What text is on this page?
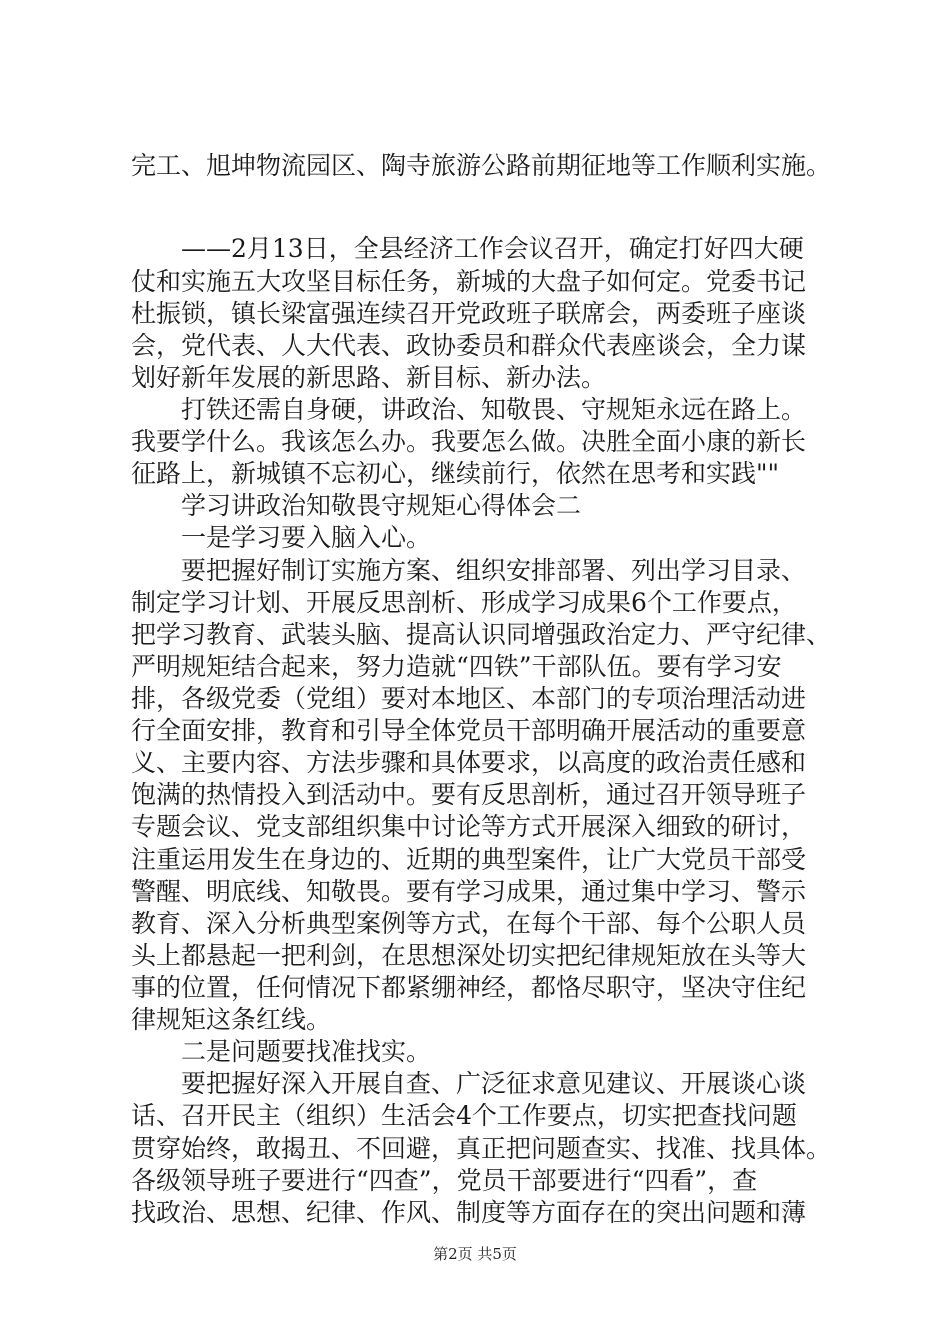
完工、旭坤物流园区、陶寺旅游公路前期征地等工作顺利实施。
　　——2月13日，全县经济工作会议召开，确定打好四大硬
仗和实施五大攻坚目标任务，新城的大盘子如何定。党委书记
杜振锁，镇长梁富强连续召开党政班子联席会，两委班子座谈
会，党代表、人大代表、政协委员和群众代表座谈会，全力谋
划好新年发展的新思路、新目标、新办法。
　　打铁还需自身硬，讲政治、知敬畏、守规矩永远在路上。
我要学什么。我该怎么办。我要怎么做。决胜全面小康的新长
征路上，新城镇不忘初心，继续前行，依然在思考和实践""
　　学习讲政治知敬畏守规矩心得体会二
　　一是学习要入脑入心。
　　要把握好制订实施方案、组织安排部署、列出学习目录、
制定学习计划、开展反思剖析、形成学习成果6个工作要点，
把学习教育、武装头脑、提高认识同增强政治定力、严守纪律、
严明规矩结合起来，努力造就“四铁”干部队伍。要有学习安
排，各级党委（党组）要对本地区、本部门的专项治理活动进
行全面安排，教育和引导全体党员干部明确开展活动的重要意
义、主要内容、方法步骤和具体要求，以高度的政治责任感和
饱满的热情投入到活动中。要有反思剖析，通过召开领导班子
专题会议、党支部组织集中讨论等方式开展深入细致的研讨，
注重运用发生在身边的、近期的典型案件，让广大党员干部受
警醒、明底线、知敬畏。要有学习成果，通过集中学习、警示
教育、深入分析典型案例等方式，在每个干部、每个公职人员
头上都悬起一把利剑，在思想深处切实把纪律规矩放在头等大
事的位置，任何情况下都紧绷神经，都恪尽职守，坚决守住纪
律规矩这条红线。
　　二是问题要找准找实。
　　要把握好深入开展自查、广泛征求意见建议、开展谈心谈
话、召开民主（组织）生活会4个工作要点，切实把查找问题
贯穿始终，敢揭丑、不回避，真正把问题查实、找准、找具体。
各级领导班子要进行“四查”，党员干部要进行“四看”，查
找政治、思想、纪律、作风、制度等方面存在的突出问题和薄
第2页 共5页
